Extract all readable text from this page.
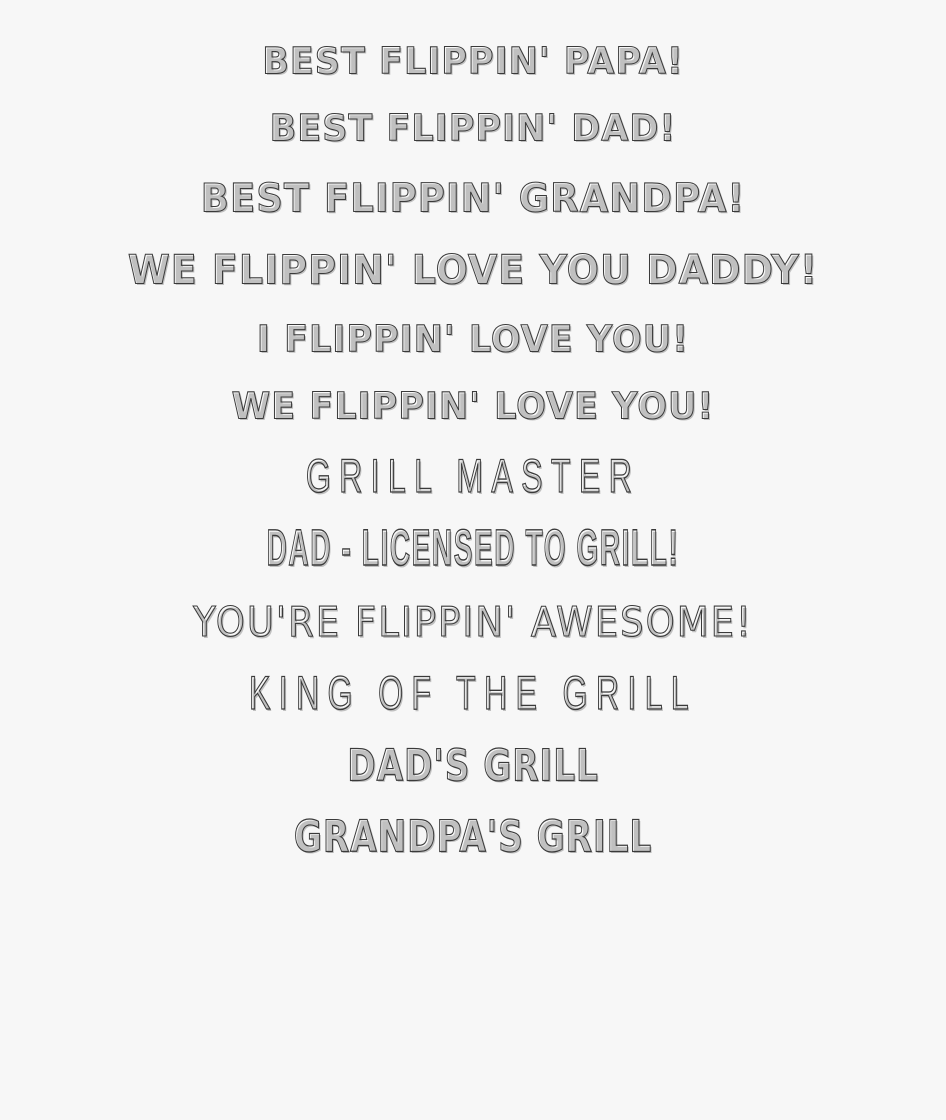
BEST FLIPPIN' PAPA!
BEST FLIPPIN' DAD!
BEST FLIPPIN' GRANDPA!
WE FLIPPIN' LOVE YOU DADDY!
I FLIPPIN' LOVE YOU!
WE FLIPPIN' LOVE YOU!
GRILL MASTER
DAD - LICENSED TO GRILL!
YOU'RE FLIPPIN' AWESOME!
KING OF THE GRILL
DAD'S GRILL
GRANDPA'S GRILL
